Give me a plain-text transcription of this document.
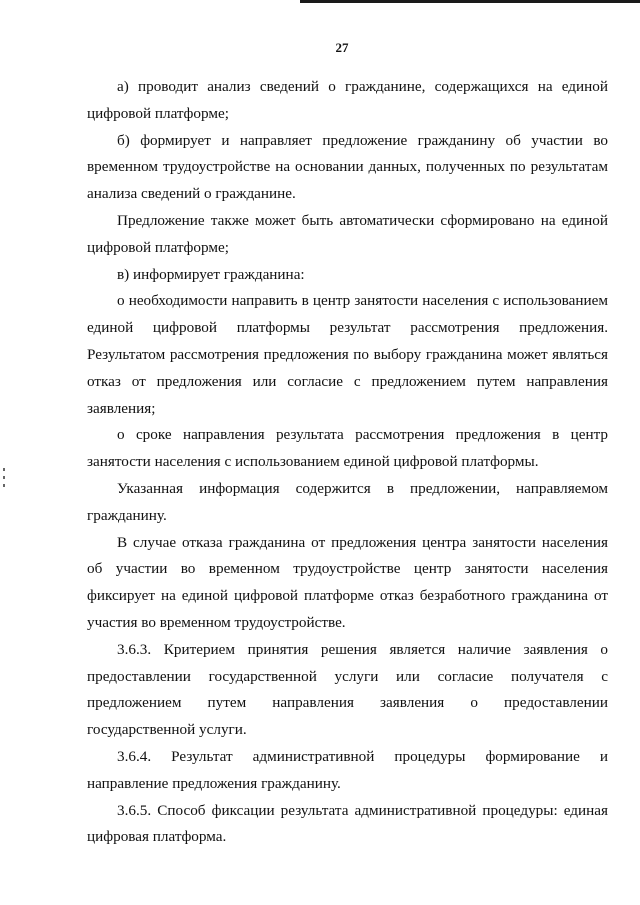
27

а) проводит анализ сведений о гражданине, содержащихся на единой цифровой платформе;

б) формирует и направляет предложение гражданину об участии во временном трудоустройстве на основании данных, полученных по результатам анализа сведений о гражданине.

Предложение также может быть автоматически сформировано на единой цифровой платформе;

в) информирует гражданина:

о необходимости направить в центр занятости населения с использованием единой цифровой платформы результат рассмотрения предложения. Результатом рассмотрения предложения по выбору гражданина может являться отказ от предложения или согласие с предложением путем направления заявления;

о сроке направления результата рассмотрения предложения в центр занятости населения с использованием единой цифровой платформы.

Указанная информация содержится в предложении, направляемом гражданину.

В случае отказа гражданина от предложения центра занятости населения об участии во временном трудоустройстве центр занятости населения фиксирует на единой цифровой платформе отказ безработного гражданина от участия во временном трудоустройстве.

3.6.3. Критерием принятия решения является наличие заявления о предоставлении государственной услуги или согласие получателя с предложением путем направления заявления о предоставлении государственной услуги.

3.6.4. Результат административной процедуры формирование и направление предложения гражданину.

3.6.5. Способ фиксации результата административной процедуры: единая цифровая платформа.
